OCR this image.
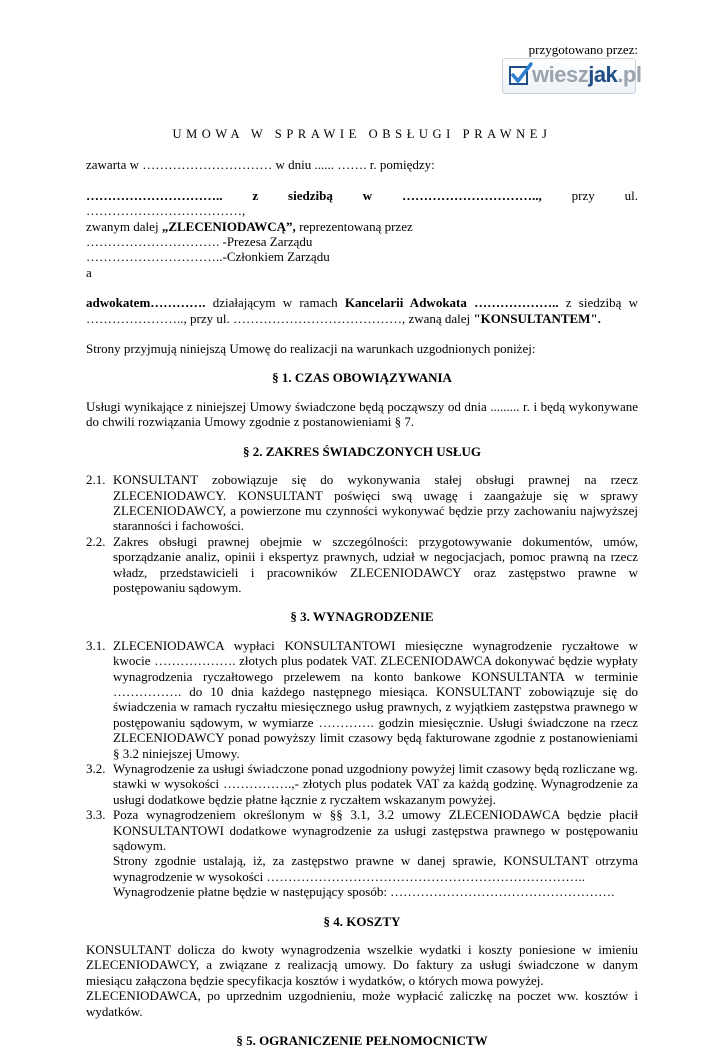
przygotowano przez:
wieszjak.pl
UMOWA W SPRAWIE OBSŁUGI PRAWNEJ

zawarta w ………………………… w dniu ...... ……. r. pomiędzy:

………………………….. z siedzibą w ………………………….., przy ul. ………………………………,
zwanym dalej „ZLECENIODAWCĄ”, reprezentowaną przez
…………………………. -Prezesa Zarządu
…………………………..-Członkiem Zarządu
a

adwokatem…………. działającym w ramach Kancelarii Adwokata ……………….. z siedzibą w ………………….., przy ul. …………………………………, zwaną dalej "KONSULTANTEM".

Strony przyjmują niniejszą Umowę do realizacji na warunkach uzgodnionych poniżej:

§ 1. CZAS OBOWIĄZYWANIA

Usługi wynikające z niniejszej Umowy świadczone będą począwszy od dnia ......... r. i będą wykonywane do chwili rozwiązania Umowy zgodnie z postanowieniami § 7.

§ 2. ZAKRES ŚWIADCZONYCH USŁUG
2.1. KONSULTANT zobowiązuje się do wykonywania stałej obsługi prawnej na rzecz ZLECENIODAWCY. KONSULTANT poświęci swą uwagę i zaangażuje się w sprawy ZLECENIODAWCY, a powierzone mu czynności wykonywać będzie przy zachowaniu najwyższej staranności i fachowości.
2.2. Zakres obsługi prawnej obejmie w szczególności: przygotowywanie dokumentów, umów, sporządzanie analiz, opinii i ekspertyz prawnych, udział w negocjacjach, pomoc prawną na rzecz władz, przedstawicieli i pracowników ZLECENIODAWCY oraz zastępstwo prawne w postępowaniu sądowym.
§ 3. WYNAGRODZENIE
3.1. ZLECENIODAWCA wypłaci KONSULTANTOWI miesięczne wynagrodzenie ryczałtowe w kwocie ………………. złotych plus podatek VAT. ZLECENIODAWCA dokonywać będzie wypłaty wynagrodzenia ryczałtowego przelewem na konto bankowe KONSULTANTA w terminie ……………. do 10 dnia każdego następnego miesiąca. KONSULTANT zobowiązuje się do świadczenia w ramach ryczałtu miesięcznego usług prawnych, z wyjątkiem zastępstwa prawnego w postępowaniu sądowym, w wymiarze …………. godzin miesięcznie. Usługi świadczone na rzecz ZLECENIODAWCY ponad powyższy limit czasowy będą fakturowane zgodnie z postanowieniami § 3.2 niniejszej Umowy.
3.2. Wynagrodzenie za usługi świadczone ponad uzgodniony powyżej limit czasowy będą rozliczane wg. stawki w wysokości …………….,- złotych plus podatek VAT za każdą godzinę. Wynagrodzenie za usługi dodatkowe będzie płatne łącznie z ryczałtem wskazanym powyżej.
3.3. Poza wynagrodzeniem określonym w §§ 3.1, 3.2 umowy ZLECENIODAWCA będzie płacił KONSULTANTOWI dodatkowe wynagrodzenie za usługi zastępstwa prawnego w postępowaniu sądowym.
Strony zgodnie ustalają, iż, za zastępstwo prawne w danej sprawie, KONSULTANT otrzyma wynagrodzenie w wysokości ………………………………………………………………..
Wynagrodzenie płatne będzie w następujący sposób: …………………………………………….
§ 4. KOSZTY

KONSULTANT dolicza do kwoty wynagrodzenia wszelkie wydatki i koszty poniesione w imieniu ZLECENIODAWCY, a związane z realizacją umowy. Do faktury za usługi świadczone w danym miesiącu załączona będzie specyfikacja kosztów i wydatków, o których mowa powyżej.

ZLECENIODAWCA, po uprzednim uzgodnieniu, może wypłacić zaliczkę na poczet ww. kosztów i wydatków.

§ 5. OGRANICZENIE PEŁNOMOCNICTW
